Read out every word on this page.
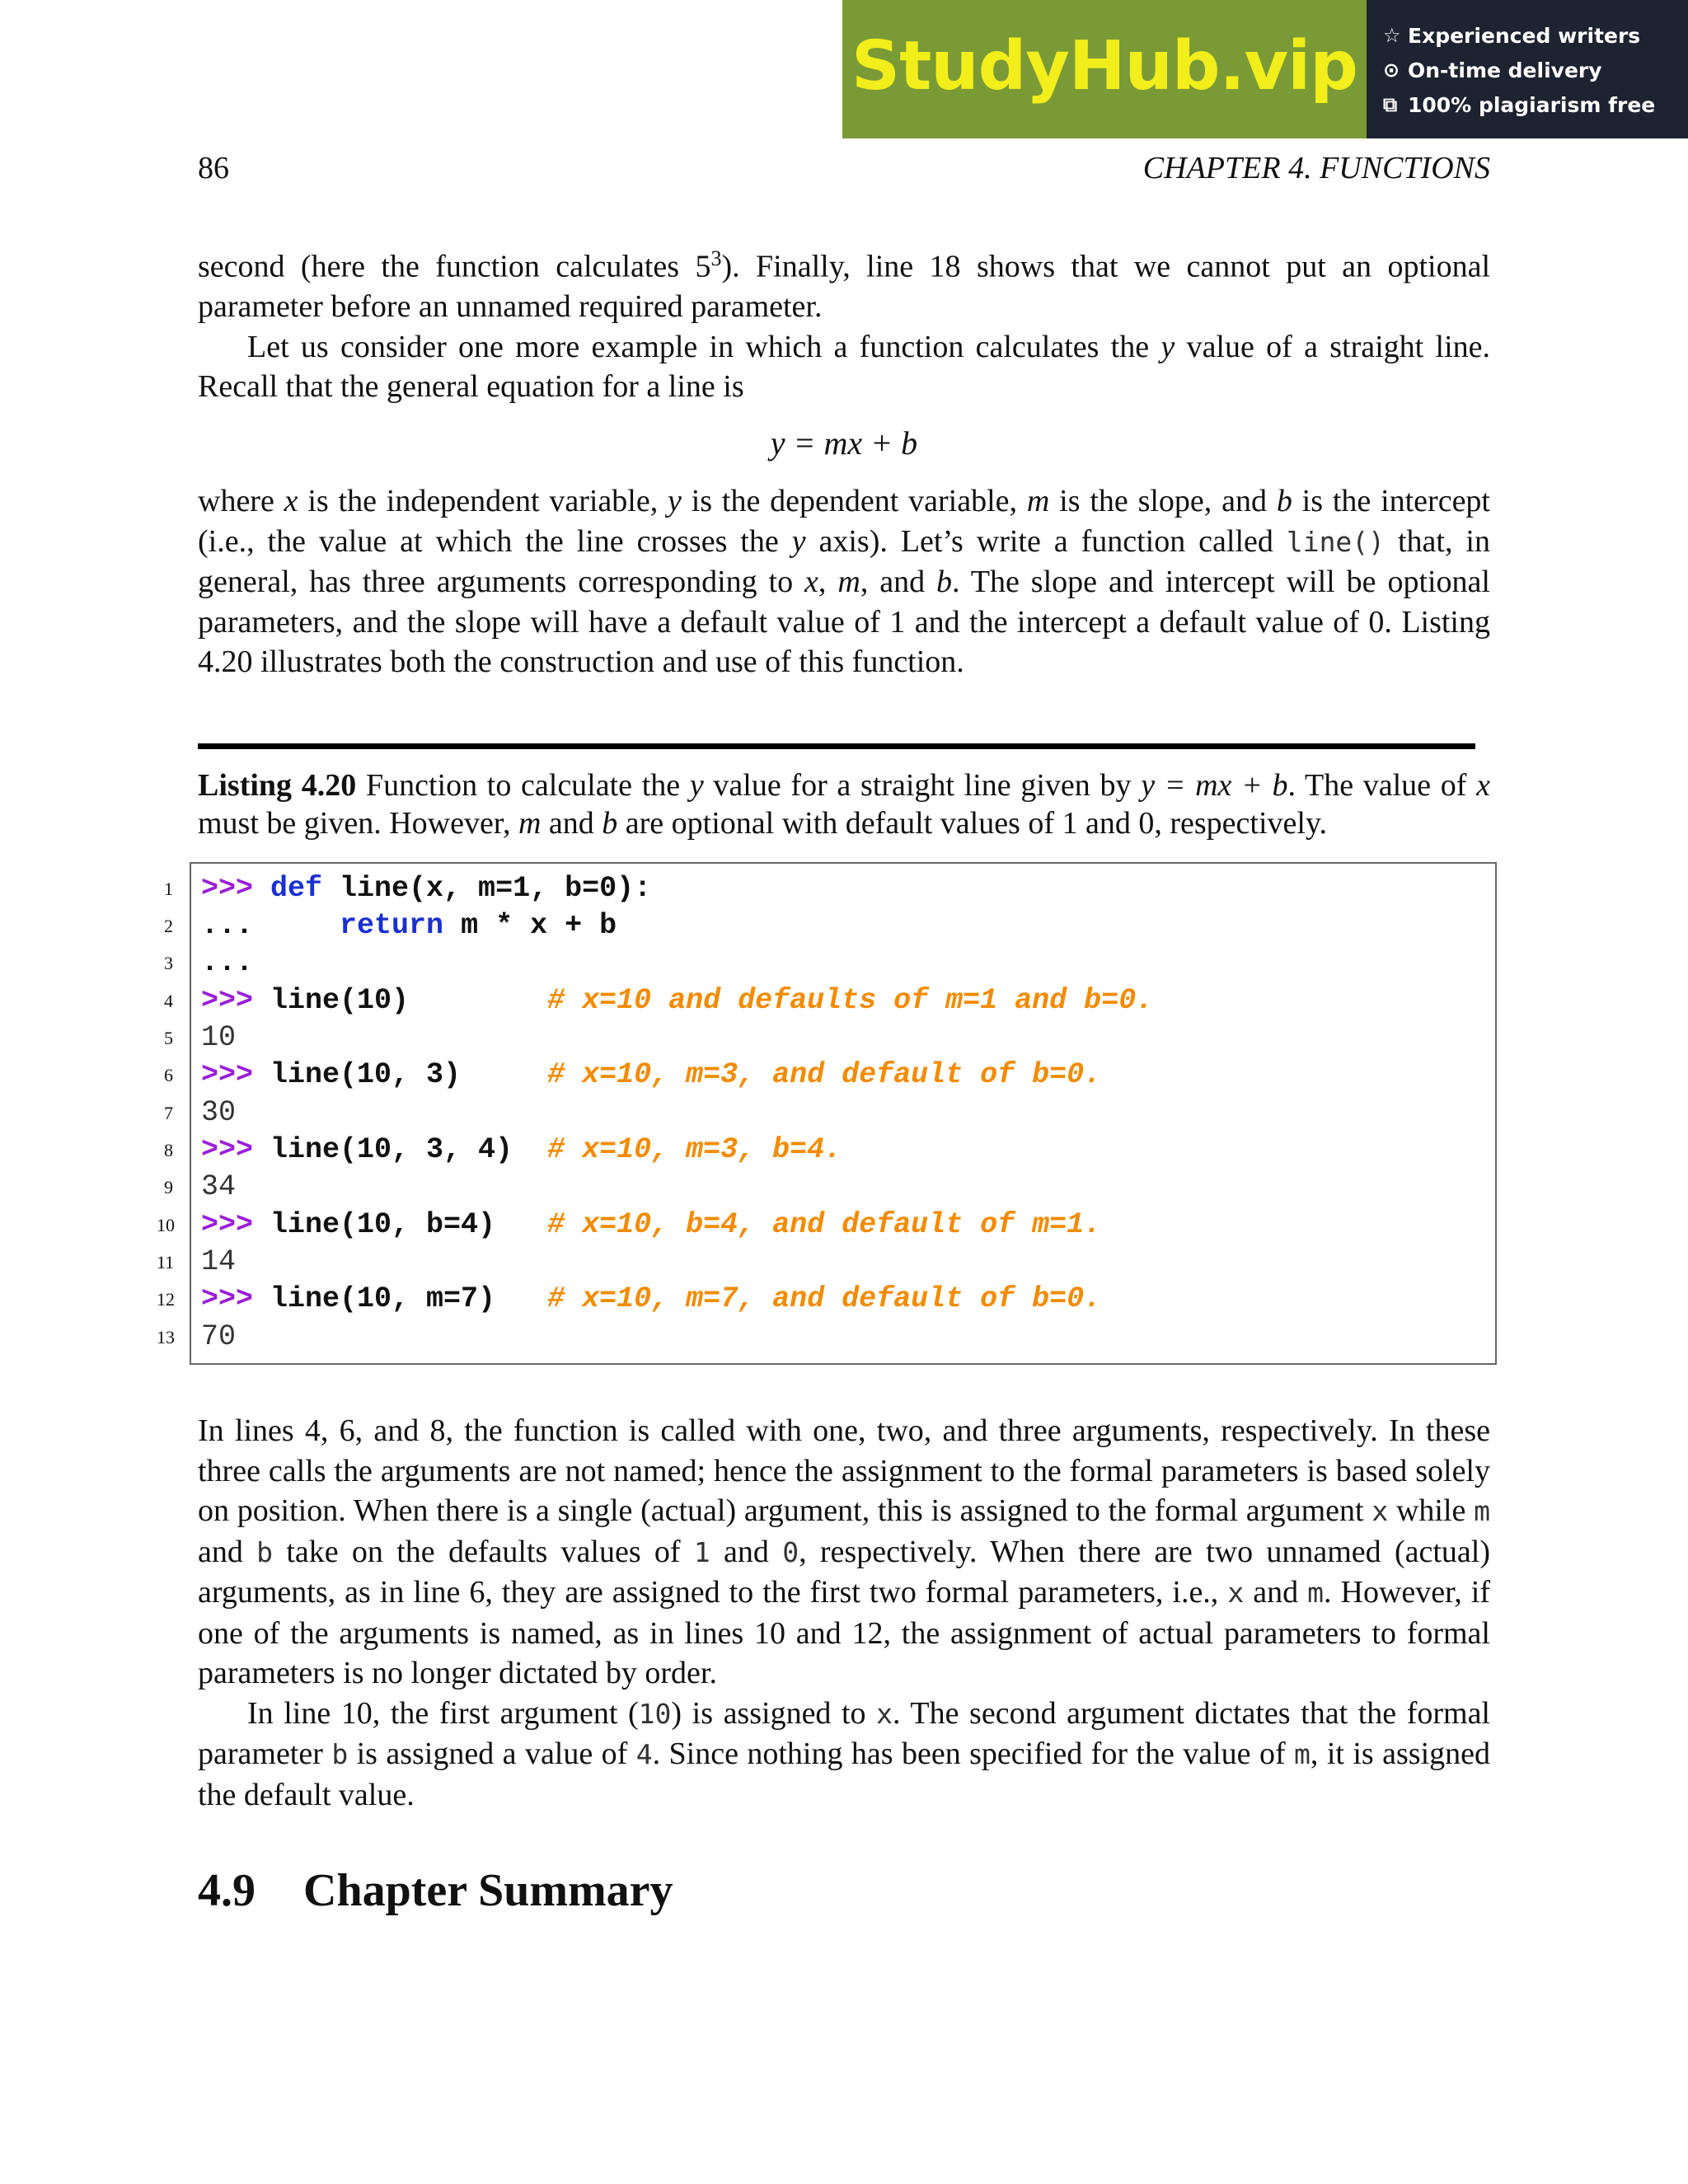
StudyHub.vip ☆ Experienced writers
⊙ On-time delivery
⧉ 100% plagiarism free
86	CHAPTER 4. FUNCTIONS

second (here the function calculates $5^3$). Finally, line 18 shows that we cannot put an optional parameter before an unnamed required parameter.

Let us consider one more example in which a function calculates the y value of a straight line. Recall that the general equation for a line is

y = mx + b

where x is the independent variable, y is the dependent variable, m is the slope, and b is the intercept (i.e., the value at which the line crosses the y axis). Let’s write a function called line() that, in general, has three arguments corresponding to x, m, and b. The slope and intercept will be optional parameters, and the slope will have a default value of 1 and the intercept a default value of 0. Listing 4.20 illustrates both the construction and use of this function.

Listing 4.20 Function to calculate the y value for a straight line given by y = mx + b. The value of x must be given. However, m and b are optional with default values of 1 and 0, respectively.
1
2
3
4
5
6
7
8
9
10
11
12
13
>>> def line(x, m=1, b=0):
...     return m * x + b
...
>>> line(10)        # x=10 and defaults of m=1 and b=0.
10
>>> line(10, 3)     # x=10, m=3, and default of b=0.
30
>>> line(10, 3, 4)  # x=10, m=3, b=4.
34
>>> line(10, b=4)   # x=10, b=4, and default of m=1.
14
>>> line(10, m=7)   # x=10, m=7, and default of b=0.
70

In lines 4, 6, and 8, the function is called with one, two, and three arguments, respectively. In these three calls the arguments are not named; hence the assignment to the formal parameters is based solely on position. When there is a single (actual) argument, this is assigned to the formal argument x while m and b take on the defaults values of 1 and 0, respectively. When there are two unnamed (actual) arguments, as in line 6, they are assigned to the first two formal parameters, i.e., x and m. However, if one of the arguments is named, as in lines 10 and 12, the assignment of actual parameters to formal parameters is no longer dictated by order.

In line 10, the first argument (10) is assigned to x. The second argument dictates that the formal parameter b is assigned a value of 4. Since nothing has been specified for the value of m, it is assigned the default value.

4.9 Chapter Summary
